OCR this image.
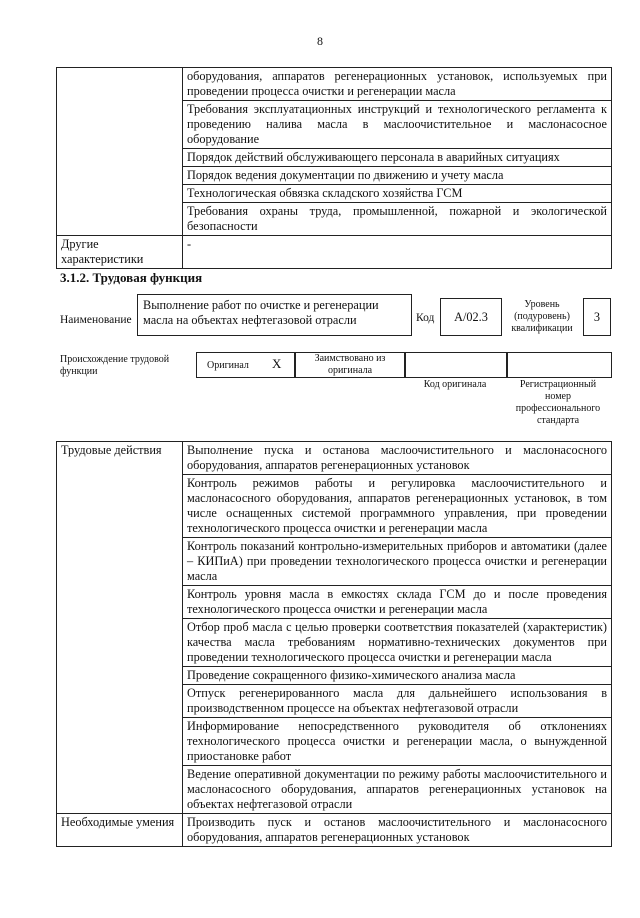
8
	оборудования, аппаратов регенерационных установок, используемых при проведении процесса очистки и регенерации масла
	Требования эксплуатационных инструкций и технологического регламента к проведению налива масла в маслоочистительное и маслонасосное оборудование
	Порядок действий обслуживающего персонала в аварийных ситуациях
	Порядок ведения документации по движению и учету масла
	Технологическая обвязка складского хозяйства ГСМ
	Требования охраны труда, промышленной, пожарной и экологической безопасности
Другие характеристики	-
3.1.2. Трудовая функция
Наименование
Выполнение работ по очистке и регенерации масла на объектах нефтегазовой отрасли	Код	А/02.3
Уровень (подуровень) квалификации
3
Происхождение трудовой функции
Оригинал X	Заимствовано из оригинала
Код оригинала	Регистрационный номер профессионального стандарта
Трудовые действия	Выполнение пуска и останова маслоочистительного и маслонасосного оборудования, аппаратов регенерационных установок
	Контроль режимов работы и регулировка маслоочистительного и маслонасосного оборудования, аппаратов регенерационных установок, в том числе оснащенных системой программного управления, при проведении технологического процесса очистки и регенерации масла
	Контроль показаний контрольно-измерительных приборов и автоматики (далее – КИПиА) при проведении технологического процесса очистки и регенерации масла
	Контроль уровня масла в емкостях склада ГСМ до и после проведения технологического процесса очистки и регенерации масла
	Отбор проб масла с целью проверки соответствия показателей (характеристик) качества масла требованиям нормативно-технических документов при проведении технологического процесса очистки и регенерации масла
	Проведение сокращенного физико-химического анализа масла
	Отпуск регенерированного масла для дальнейшего использования в производственном процессе на объектах нефтегазовой отрасли
	Информирование непосредственного руководителя об отклонениях технологического процесса очистки и регенерации масла, о вынужденной приостановке работ
	Ведение оперативной документации по режиму работы маслоочистительного и маслонасосного оборудования, аппаратов регенерационных установок на объектах нефтегазовой отрасли
Необходимые умения	Производить пуск и останов маслоочистительного и маслонасосного оборудования, аппаратов регенерационных установок
